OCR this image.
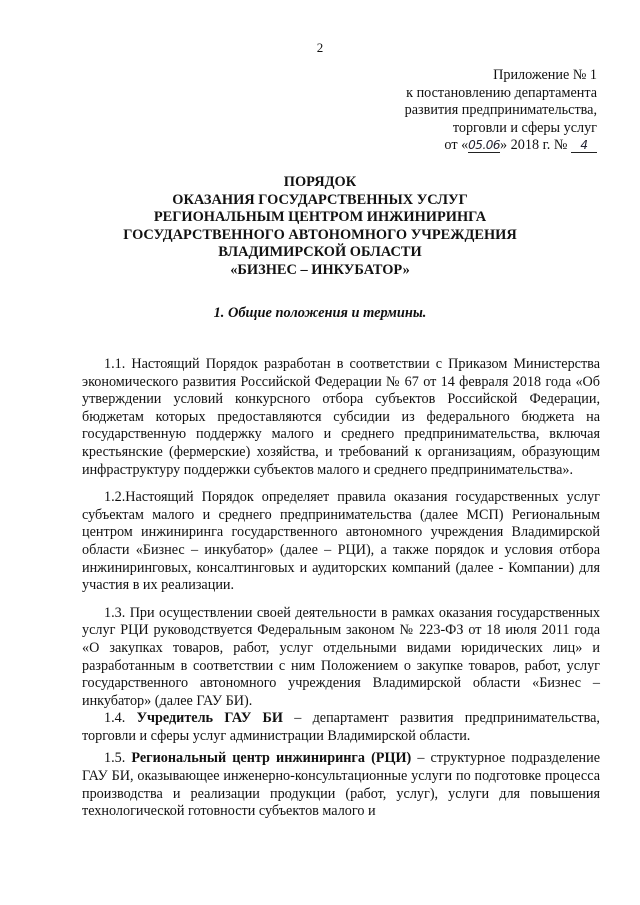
2
Приложение № 1
к постановлению департамента
развития предпринимательства,
торговли и сферы услуг
от «05.06» 2018 г. № 4
ПОРЯДОК
ОКАЗАНИЯ ГОСУДАРСТВЕННЫХ УСЛУГ
РЕГИОНАЛЬНЫМ ЦЕНТРОМ ИНЖИНИРИНГА
ГОСУДАРСТВЕННОГО АВТОНОМНОГО УЧРЕЖДЕНИЯ
ВЛАДИМИРСКОЙ ОБЛАСТИ
«БИЗНЕС – ИНКУБАТОР»
1. Общие положения и термины.

1.1. Настоящий Порядок разработан в соответствии с Приказом Министерства экономического развития Российской Федерации № 67 от 14 февраля 2018 года «Об утверждении условий конкурсного отбора субъектов Российской Федерации, бюджетам которых предоставляются субсидии из федерального бюджета на государственную поддержку малого и среднего предпринимательства, включая крестьянские (фермерские) хозяйства, и требований к организациям, образующим инфраструктуру поддержки субъектов малого и среднего предпринимательства».

1.2.Настоящий Порядок определяет правила оказания государственных услуг субъектам малого и среднего предпринимательства (далее МСП) Региональным центром инжиниринга государственного автономного учреждения Владимирской области «Бизнес – инкубатор» (далее – РЦИ), а также порядок и условия отбора инжиниринговых, консалтинговых и аудиторских компаний (далее - Компании) для участия в их реализации.

1.3. При осуществлении своей деятельности в рамках оказания государственных услуг РЦИ руководствуется Федеральным законом № 223-ФЗ от 18 июля 2011 года «О закупках товаров, работ, услуг отдельными видами юридических лиц» и разработанным в соответствии с ним Положением о закупке товаров, работ, услуг государственного автономного учреждения Владимирской области «Бизнес – инкубатор» (далее ГАУ БИ).

1.4. Учредитель ГАУ БИ – департамент развития предпринимательства, торговли и сферы услуг администрации Владимирской области.

1.5. Региональный центр инжиниринга (РЦИ) – структурное подразделение ГАУ БИ, оказывающее инженерно-консультационные услуги по подготовке процесса производства и реализации продукции (работ, услуг), услуги для повышения технологической готовности субъектов малого и
